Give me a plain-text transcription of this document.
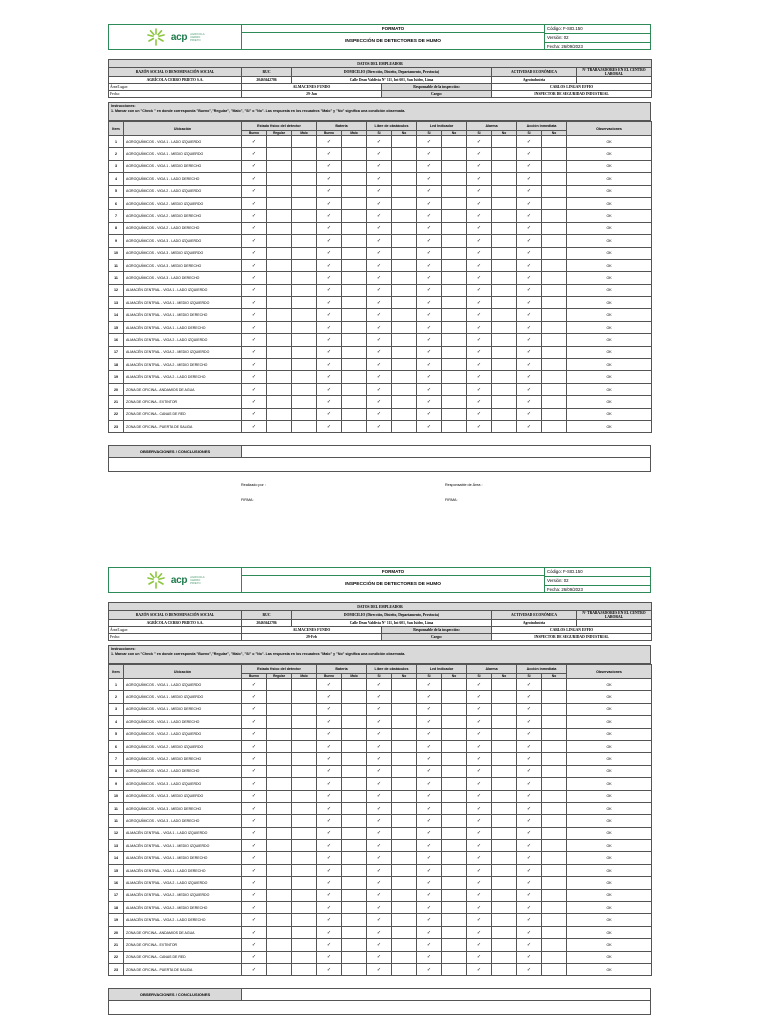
acp AGRICOLA CERRO PRIETO
FORMATO
INSPECCIÓN DE DETECTORES DE HUMO
Código: F-SID.150
Versión: 02
Fecha: 26/09/2023
DATOS DEL EMPLEADOR					
RAZÓN SOCIAL O DENOMINACIÓN SOCIAL	RUC	DOMICILIO (Dirección, Distrito, Departamento, Provincia)		ACTIVIDAD ECONÓMICA	Nº TRABAJADORES EN EL CENTRO LABORAL
AGRÍCOLA CERRO PRIETO S.A.	20463642786	Calle Dean Valdivia N° 111, Int 601, San Isidro, Lima		Agroindustria	
Área/Lugar:	ALMACENES FUNDO		Responsable de la inspección:	CARLOS LINGAN EFFIO	
Fecha:	29-Jan		Cargo:	INSPECTOR DE SEGURIDAD INDUSTRIAL	
Instrucciones:
1. Marcar con un "Check " en donde corresponda "Bueno","Regular", "Malo", "Si" o "No". Las respuesta en los recuadros "Malo" y "No" significa una condición observada.
Item	Ubicación	Estado físico del detector			Batería		Libre de obstáculos		Led Indicador		Alarma		Acción inmediata		Observaciones
		Bueno	Regular	Malo	Bueno	Malo	Si	No	Si	No	Si	No	Si	No	
1	AGROQUÍMICOS - VIGA 1 - LADO IZQUIERDO	✓			✓		✓		✓		✓		✓		OK
2	AGROQUÍMICOS - VIGA 1 - MEDIO IZQUIERDO	✓			✓		✓		✓		✓		✓		OK
3	AGROQUÍMICOS - VIGA 1 - MEDIO DERECHO	✓			✓		✓		✓		✓		✓		OK
4	AGROQUÍMICOS - VIGA 1 - LADO DERECHO	✓			✓		✓		✓		✓		✓		OK
5	AGROQUÍMICOS - VIGA 2 - LADO IZQUIERDO	✓			✓		✓		✓		✓		✓		OK
6	AGROQUÍMICOS - VIGA 2 - MEDIO IZQUIERDO	✓			✓		✓		✓		✓		✓		OK
7	AGROQUÍMICOS - VIGA 2 - MEDIO DERECHO	✓			✓		✓		✓		✓		✓		OK
8	AGROQUÍMICOS - VIGA 2 - LADO DERECHO	✓			✓		✓		✓		✓		✓		OK
9	AGROQUÍMICOS - VIGA 3 - LADO IZQUIERDO	✓			✓		✓		✓		✓		✓		OK
10	AGROQUÍMICOS - VIGA 3 - MEDIO IZQUIERDO	✓			✓		✓		✓		✓		✓		OK
11	AGROQUÍMICOS - VIGA 3 - MEDIO DERECHO	✓			✓		✓		✓		✓		✓		OK
11	AGROQUÍMICOS - VIGA 3 - LADO DERECHO	✓			✓		✓		✓		✓		✓		OK
12	ALMACÉN CENTRAL - VIGA 1 - LADO IZQUIERDO	✓			✓		✓		✓		✓		✓		OK
13	ALMACÉN CENTRAL - VIGA 1 - MEDIO IZQUIERDO	✓			✓		✓		✓		✓		✓		OK
14	ALMACÉN CENTRAL - VIGA 1 - MEDIO DERECHO	✓			✓		✓		✓		✓		✓		OK
15	ALMACÉN CENTRAL - VIGA 1 - LADO DERECHO	✓			✓		✓		✓		✓		✓		OK
16	ALMACÉN CENTRAL - VIGA 2 - LADO IZQUIERDO	✓			✓		✓		✓		✓		✓		OK
17	ALMACÉN CENTRAL - VIGA 2 - MEDIO IZQUIERDO	✓			✓		✓		✓		✓		✓		OK
18	ALMACÉN CENTRAL - VIGA 2 - MEDIO DERECHO	✓			✓		✓		✓		✓		✓		OK
19	ALMACÉN CENTRAL - VIGA 2 - LADO DERECHO	✓			✓		✓		✓		✓		✓		OK
20	ZONA DE OFICINA - ANDAMIOS DE AGUA	✓			✓		✓		✓		✓		✓		OK
21	ZONA DE OFICINA - EXTINTOR	✓			✓		✓		✓		✓		✓		OK
22	ZONA DE OFICINA - CANAS DE RED	✓			✓		✓		✓		✓		✓		OK
23	ZONA DE OFICINA - PUERTA DE SALIDA	✓			✓		✓		✓		✓		✓		OK
OBSERVACIONES / CONCLUSIONES
Realizado por :	Responsable de Área :
FIRMA:	FIRMA:
acp AGRICOLA CERRO PRIETO
FORMATO
INSPECCIÓN DE DETECTORES DE HUMO
Código: F-SID.150
Versión: 02
Fecha: 26/09/2023
DATOS DEL EMPLEADOR					
RAZÓN SOCIAL O DENOMINACIÓN SOCIAL	RUC	DOMICILIO (Dirección, Distrito, Departamento, Provincia)		ACTIVIDAD ECONÓMICA	Nº TRABAJADORES EN EL CENTRO LABORAL
AGRÍCOLA CERRO PRIETO S.A.	20463642786	Calle Dean Valdivia N° 111, Int 601, San Isidro, Lima		Agroindustria	
Área/Lugar:	ALMACENES FUNDO		Responsable de la inspección:	CARLOS LINGAN EFFIO	
Fecha:	29-Feb		Cargo:	INSPECTOR DE SEGURIDAD INDUSTRIAL	
Instrucciones:
1. Marcar con un "Check " en donde corresponda "Bueno","Regular", "Malo", "Si" o "No". Las respuesta en los recuadros "Malo" y "No" significa una condición observada.
Item	Ubicación	Estado físico del detector			Batería		Libre de obstáculos		Led Indicador		Alarma		Acción inmediata		Observaciones
		Bueno	Regular	Malo	Bueno	Malo	Si	No	Si	No	Si	No	Si	No	
1	AGROQUÍMICOS - VIGA 1 - LADO IZQUIERDO	✓			✓		✓		✓		✓		✓		OK
2	AGROQUÍMICOS - VIGA 1 - MEDIO IZQUIERDO	✓			✓		✓		✓		✓		✓		OK
3	AGROQUÍMICOS - VIGA 1 - MEDIO DERECHO	✓			✓		✓		✓		✓		✓		OK
4	AGROQUÍMICOS - VIGA 1 - LADO DERECHO	✓			✓		✓		✓		✓		✓		OK
5	AGROQUÍMICOS - VIGA 2 - LADO IZQUIERDO	✓			✓		✓		✓		✓		✓		OK
6	AGROQUÍMICOS - VIGA 2 - MEDIO IZQUIERDO	✓			✓		✓		✓		✓		✓		OK
7	AGROQUÍMICOS - VIGA 2 - MEDIO DERECHO	✓			✓		✓		✓		✓		✓		OK
8	AGROQUÍMICOS - VIGA 2 - LADO DERECHO	✓			✓		✓		✓		✓		✓		OK
9	AGROQUÍMICOS - VIGA 3 - LADO IZQUIERDO	✓			✓		✓		✓		✓		✓		OK
10	AGROQUÍMICOS - VIGA 3 - MEDIO IZQUIERDO	✓			✓		✓		✓		✓		✓		OK
11	AGROQUÍMICOS - VIGA 3 - MEDIO DERECHO	✓			✓		✓		✓		✓		✓		OK
11	AGROQUÍMICOS - VIGA 3 - LADO DERECHO	✓			✓		✓		✓		✓		✓		OK
12	ALMACÉN CENTRAL - VIGA 1 - LADO IZQUIERDO	✓			✓		✓		✓		✓		✓		OK
13	ALMACÉN CENTRAL - VIGA 1 - MEDIO IZQUIERDO	✓			✓		✓		✓		✓		✓		OK
14	ALMACÉN CENTRAL - VIGA 1 - MEDIO DERECHO	✓			✓		✓		✓		✓		✓		OK
15	ALMACÉN CENTRAL - VIGA 1 - LADO DERECHO	✓			✓		✓		✓		✓		✓		OK
16	ALMACÉN CENTRAL - VIGA 2 - LADO IZQUIERDO	✓			✓		✓		✓		✓		✓		OK
17	ALMACÉN CENTRAL - VIGA 2 - MEDIO IZQUIERDO	✓			✓		✓		✓		✓		✓		OK
18	ALMACÉN CENTRAL - VIGA 2 - MEDIO DERECHO	✓			✓		✓		✓		✓		✓		OK
19	ALMACÉN CENTRAL - VIGA 2 - LADO DERECHO	✓			✓		✓		✓		✓		✓		OK
20	ZONA DE OFICINA - ANDAMIOS DE AGUA	✓			✓		✓		✓		✓		✓		OK
21	ZONA DE OFICINA - EXTINTOR	✓			✓		✓		✓		✓		✓		OK
22	ZONA DE OFICINA - CANAS DE RED	✓			✓		✓		✓		✓		✓		OK
23	ZONA DE OFICINA - PUERTA DE SALIDA	✓			✓		✓		✓		✓		✓		OK
OBSERVACIONES / CONCLUSIONES
